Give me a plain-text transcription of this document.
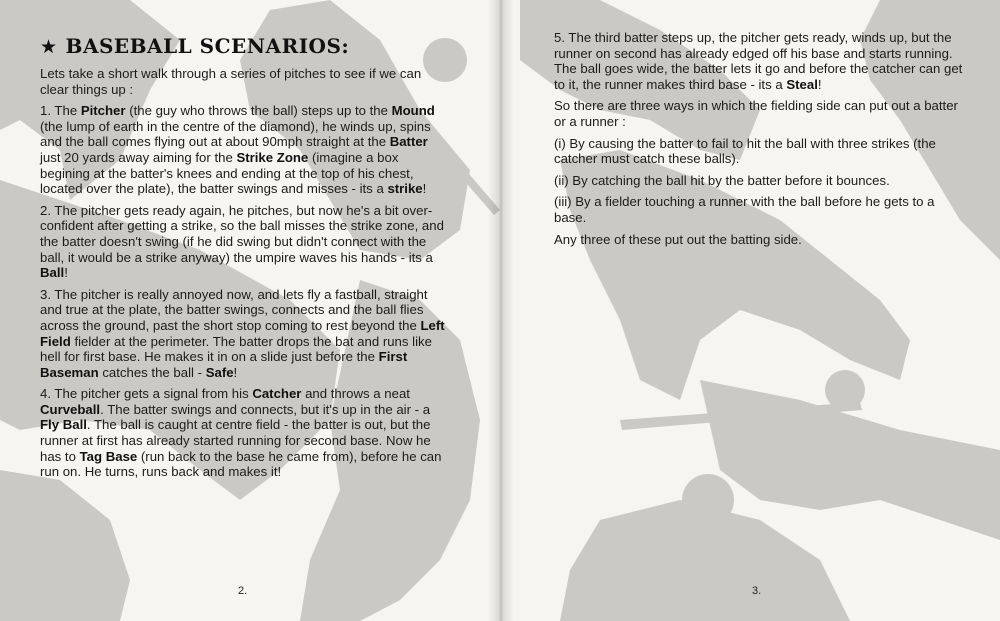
★ BASEBALL SCENARIOS:

Lets take a short walk through a series of pitches to see if we can clear things up :

1. The Pitcher (the guy who throws the ball) steps up to the Mound (the lump of earth in the centre of the diamond), he winds up, spins and the ball comes flying out at about 90mph straight at the Batter just 20 yards away aiming for the Strike Zone (imagine a box begining at the batter's knees and ending at the top of his chest, located over the plate), the batter swings and misses - its a strike!

2. The pitcher gets ready again, he pitches, but now he's a bit over-confident after getting a strike, so the ball misses the strike zone, and the batter doesn't swing (if he did swing but didn't connect with the ball, it would be a strike anyway) the umpire waves his hands - its a Ball!

3. The pitcher is really annoyed now, and lets fly a fastball, straight and true at the plate, the batter swings, connects and the ball flies across the ground, past the short stop coming to rest beyond the Left Field fielder at the perimeter. The batter drops the bat and runs like hell for first base. He makes it in on a slide just before the First Baseman catches the ball - Safe!

4. The pitcher gets a signal from his Catcher and throws a neat Curveball. The batter swings and connects, but it's up in the air - a Fly Ball. The ball is caught at centre field - the batter is out, but the runner at first has already started running for second base. Now he has to Tag Base (run back to the base he came from), before he can run on. He turns, runs back and makes it!

2.

5. The third batter steps up, the pitcher gets ready, winds up, but the runner on second has already edged off his base and starts running. The ball goes wide, the batter lets it go and before the catcher can get to it, the runner makes third base - its a Steal!

So there are three ways in which the fielding side can put out a batter or a runner :

(i) By causing the batter to fail to hit the ball with three strikes (the catcher must catch these balls).

(ii) By catching the ball hit by the batter before it bounces.

(iii) By a fielder touching a runner with the ball before he gets to a base.

Any three of these put out the batting side.

3.
